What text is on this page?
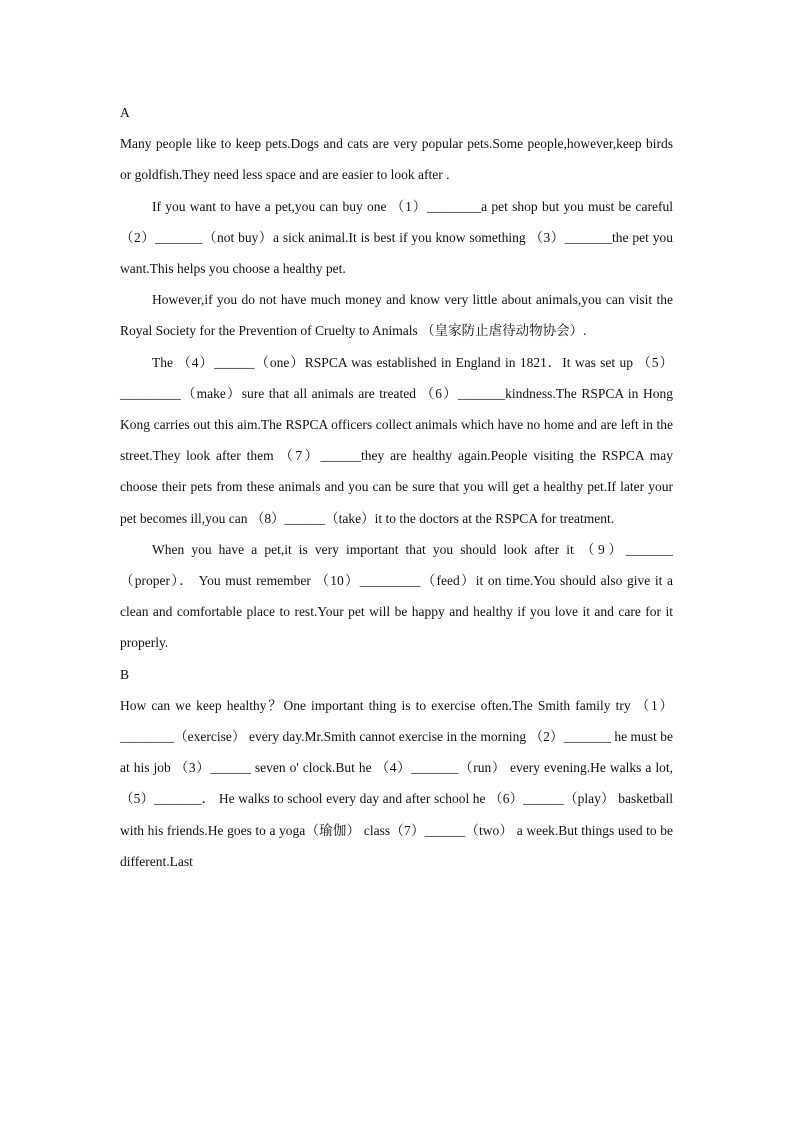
A

Many people like to keep pets.Dogs and cats are very popular pets.Some people,however,keep birds or goldfish.They need less space and are easier to look after .

If you want to have a pet,you can buy one （1）________a pet shop but you must be careful （2）_______（not buy）a sick animal.It is best if you know something （3）_______the pet you want.This helps you choose a healthy pet.

However,if you do not have much money and know very little about animals,you can visit the Royal Society for the Prevention of Cruelty to Animals （皇家防止虐待动物协会）.

The （4）______（one）RSPCA was established in England in 1821．It was set up （5）_________（make）sure that all animals are treated （6）_______kindness.The RSPCA in Hong Kong carries out this aim.The RSPCA officers collect animals which have no home and are left in the street.They look after them （7）______they are healthy again.People visiting the RSPCA may choose their pets from these animals and you can be sure that you will get a healthy pet.If later your pet becomes ill,you can （8）______（take）it to the doctors at the RSPCA for treatment.

When you have a pet,it is very important that you should look after it （9）_______（proper）． You must remember （10）_________（feed）it on time.You should also give it a clean and comfortable place to rest.Your pet will be happy and healthy if you love it and care for it properly.

B

How can we keep healthy？One important thing is to exercise often.The Smith family try （1）________（exercise） every day.Mr.Smith cannot exercise in the morning （2）_______ he must be at his job （3）______ seven o' clock.But he （4）_______（run） every evening.He walks a lot, （5）_______． He walks to school every day and after school he （6）______（play） basketball with his friends.He goes to a yoga（瑜伽） class（7）______（two） a week.But things used to be different.Last
